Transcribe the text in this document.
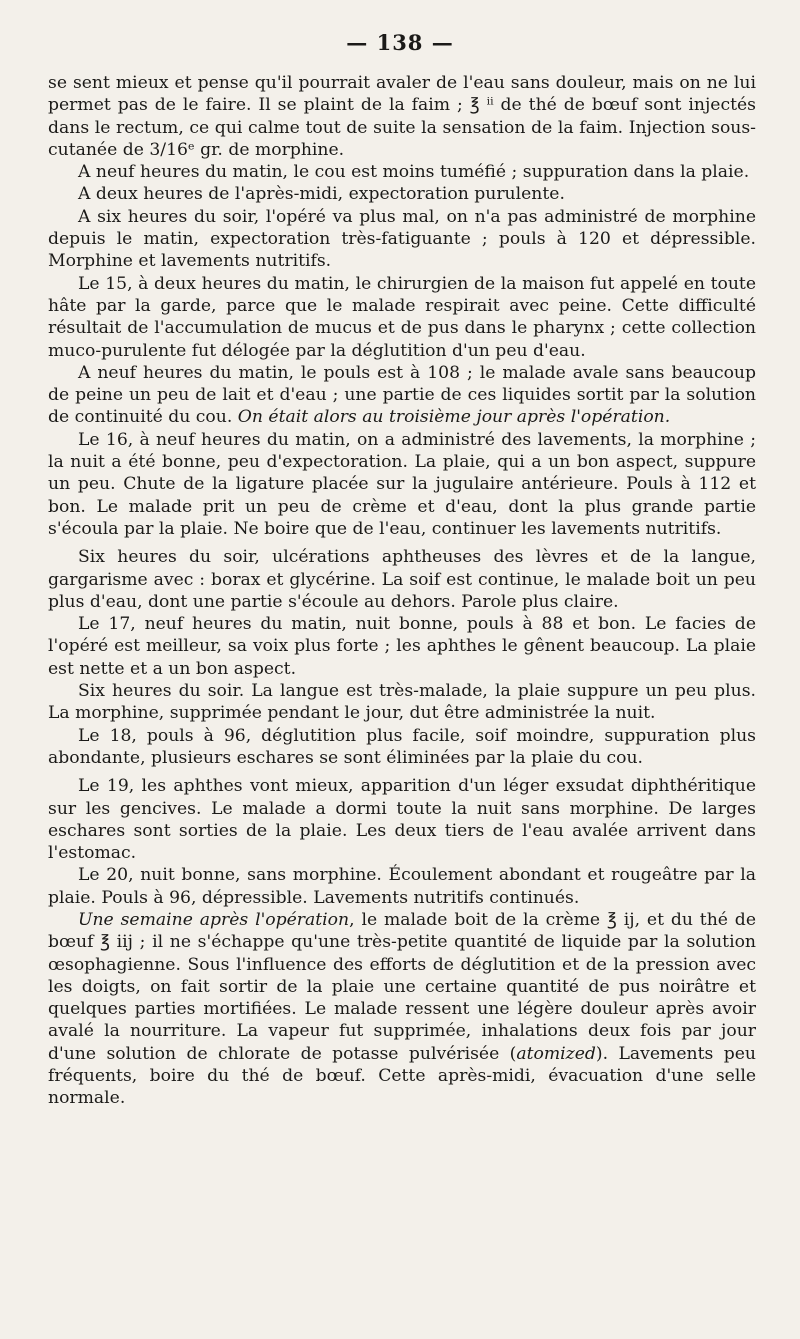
— 138 —

se sent mieux et pense qu'il pourrait avaler de l'eau sans douleur, mais on ne lui permet pas de le faire. Il se plaint de la faim ; ℥ ⁱⁱ de thé de bœuf sont injectés dans le rectum, ce qui calme tout de suite la sensation de la faim. Injection sous-cutanée de 3/16ᵉ gr. de morphine.

A neuf heures du matin, le cou est moins tuméfié ; suppuration dans la plaie.

A deux heures de l'après-midi, expectoration purulente.

A six heures du soir, l'opéré va plus mal, on n'a pas administré de morphine depuis le matin, expectoration très-fatiguante ; pouls à 120 et dépressible. Morphine et lavements nutritifs.

Le 15, à deux heures du matin, le chirurgien de la maison fut appelé en toute hâte par la garde, parce que le malade respirait avec peine. Cette difficulté résultait de l'accumulation de mucus et de pus dans le pharynx ; cette collection muco-purulente fut délogée par la déglutition d'un peu d'eau.

A neuf heures du matin, le pouls est à 108 ; le malade avale sans beaucoup de peine un peu de lait et d'eau ; une partie de ces liquides sortit par la solution de continuité du cou. On était alors au troisième jour après l'opération.

Le 16, à neuf heures du matin, on a administré des lavements, la morphine ; la nuit a été bonne, peu d'expectoration. La plaie, qui a un bon aspect, suppure un peu. Chute de la ligature placée sur la jugulaire antérieure. Pouls à 112 et bon. Le malade prit un peu de crème et d'eau, dont la plus grande partie s'écoula par la plaie. Ne boire que de l'eau, continuer les lavements nutritifs.

Six heures du soir, ulcérations aphtheuses des lèvres et de la langue, gargarisme avec : borax et glycérine. La soif est continue, le malade boit un peu plus d'eau, dont une partie s'écoule au dehors. Parole plus claire.

Le 17, neuf heures du matin, nuit bonne, pouls à 88 et bon. Le facies de l'opéré est meilleur, sa voix plus forte ; les aphthes le gênent beaucoup. La plaie est nette et a un bon aspect.

Six heures du soir. La langue est très-malade, la plaie suppure un peu plus. La morphine, supprimée pendant le jour, dut être administrée la nuit.

Le 18, pouls à 96, déglutition plus facile, soif moindre, suppuration plus abondante, plusieurs eschares se sont éliminées par la plaie du cou.

Le 19, les aphthes vont mieux, apparition d'un léger exsudat diphthéritique sur les gencives. Le malade a dormi toute la nuit sans morphine. De larges eschares sont sorties de la plaie. Les deux tiers de l'eau avalée arrivent dans l'estomac.

Le 20, nuit bonne, sans morphine. Écoulement abondant et rougeâtre par la plaie. Pouls à 96, dépressible. Lavements nutritifs continués.

Une semaine après l'opération, le malade boit de la crème ℥ ij, et du thé de bœuf ℥ iij ; il ne s'échappe qu'une très-petite quantité de liquide par la solution œsophagienne. Sous l'influence des efforts de déglutition et de la pression avec les doigts, on fait sortir de la plaie une certaine quantité de pus noirâtre et quelques parties mortifiées. Le malade ressent une légère douleur après avoir avalé la nourriture. La vapeur fut supprimée, inhalations deux fois par jour d'une solution de chlorate de potasse pulvérisée (atomized). Lavements peu fréquents, boire du thé de bœuf. Cette après-midi, évacuation d'une selle normale.
